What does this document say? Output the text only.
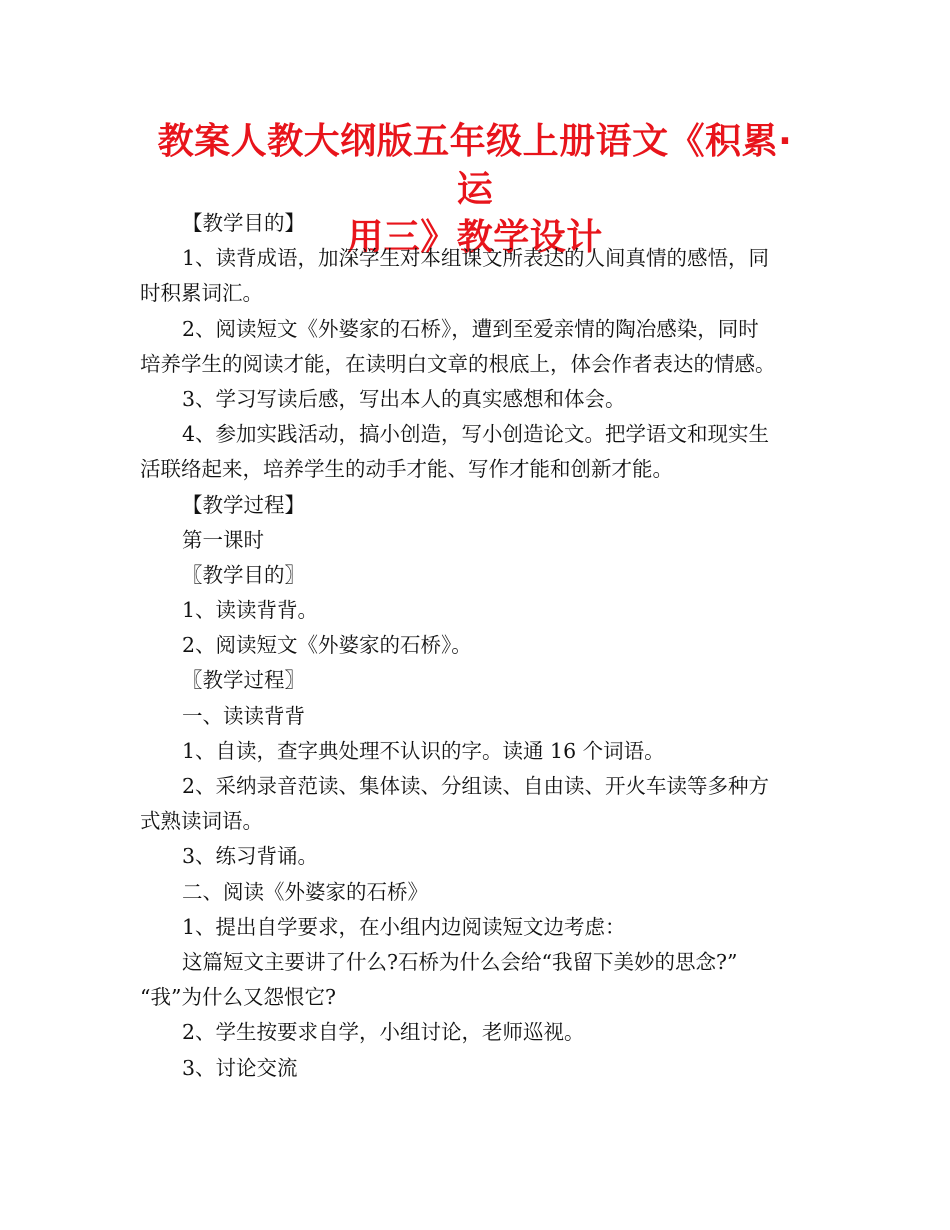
教案人教大纲版五年级上册语文《积累·运
用三》教学设计
【教学目的】
1、读背成语，加深学生对本组课文所表达的人间真情的感悟，同
时积累词汇。
2、阅读短文《外婆家的石桥》，遭到至爱亲情的陶冶感染，同时
培养学生的阅读才能，在读明白文章的根底上，体会作者表达的情感。
3、学习写读后感，写出本人的真实感想和体会。
4、参加实践活动，搞小创造，写小创造论文。把学语文和现实生
活联络起来，培养学生的动手才能、写作才能和创新才能。
【教学过程】
第一课时
〖教学目的〗
1、读读背背。
2、阅读短文《外婆家的石桥》。
〖教学过程〗
一、读读背背
1、自读，查字典处理不认识的字。读通 16 个词语。
2、采纳录音范读、集体读、分组读、自由读、开火车读等多种方
式熟读词语。
3、练习背诵。
二、阅读《外婆家的石桥》
1、提出自学要求，在小组内边阅读短文边考虑：
这篇短文主要讲了什么?石桥为什么会给“我留下美妙的思念?”
“我”为什么又怨恨它?
2、学生按要求自学，小组讨论，老师巡视。
3、讨论交流
